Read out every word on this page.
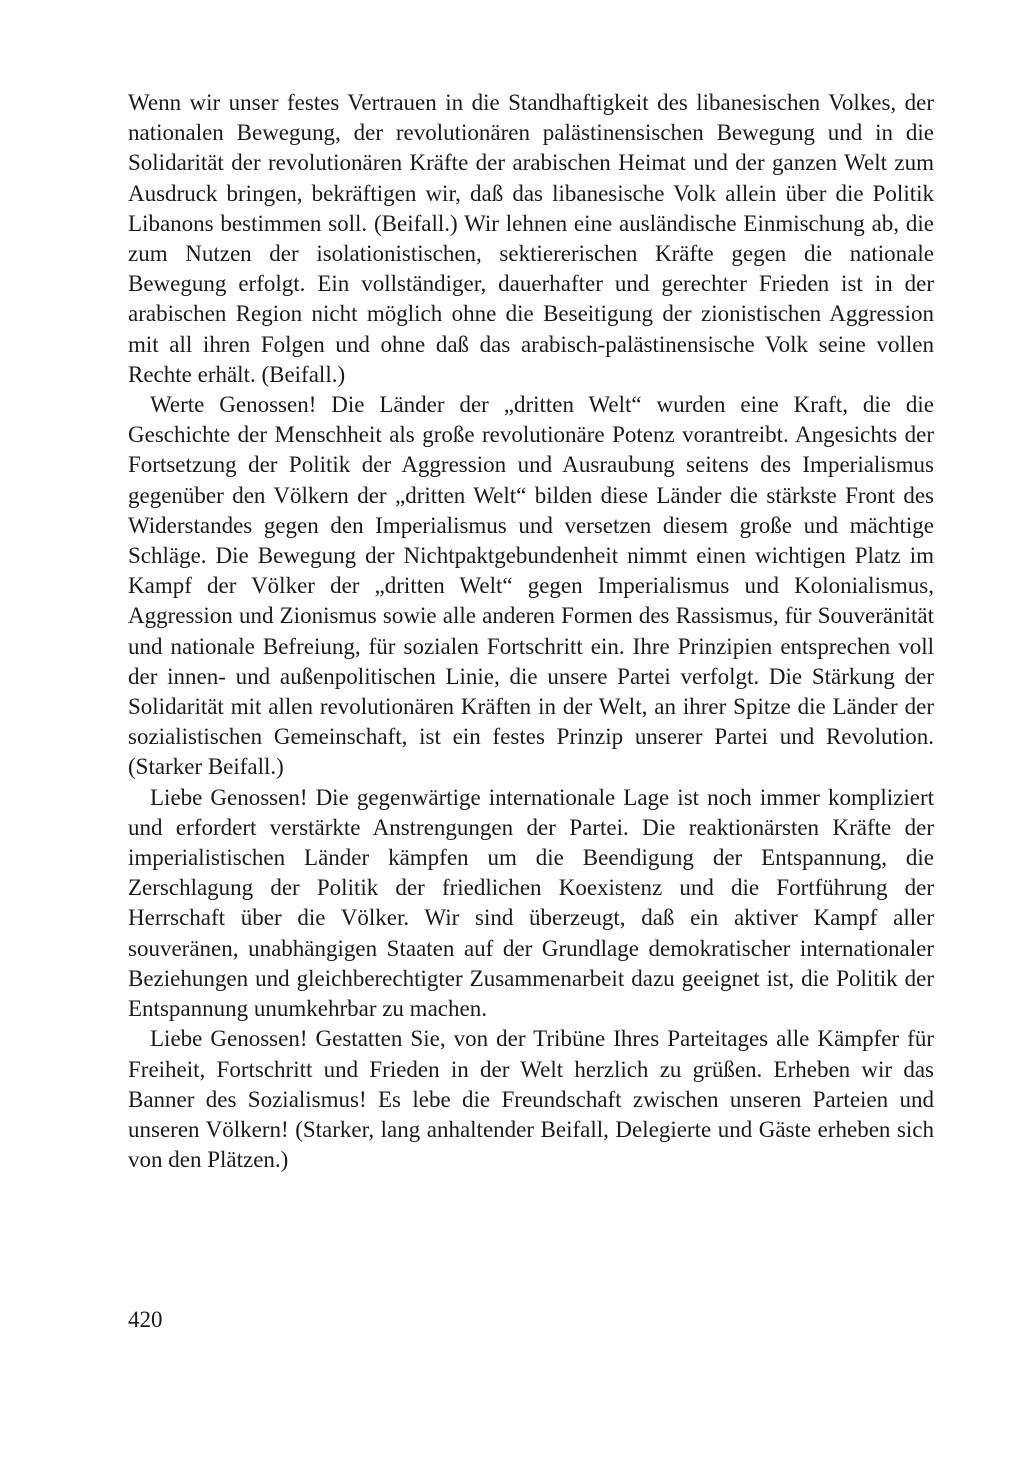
Wenn wir unser festes Vertrauen in die Standhaftigkeit des libanesischen Volkes, der nationalen Bewegung, der revolutionären palästinensischen Bewegung und in die Solidarität der revolutionären Kräfte der arabischen Heimat und der ganzen Welt zum Ausdruck bringen, bekräftigen wir, daß das libanesische Volk allein über die Politik Libanons bestimmen soll. (Beifall.) Wir lehnen eine ausländische Einmischung ab, die zum Nutzen der isolationistischen, sektiererischen Kräfte gegen die nationale Bewegung erfolgt. Ein vollständiger, dauerhafter und gerechter Frieden ist in der arabischen Region nicht möglich ohne die Beseitigung der zionistischen Aggression mit all ihren Folgen und ohne daß das arabisch-palästinensische Volk seine vollen Rechte erhält. (Beifall.)

Werte Genossen! Die Länder der „dritten Welt“ wurden eine Kraft, die die Geschichte der Menschheit als große revolutionäre Potenz vorantreibt. Angesichts der Fortsetzung der Politik der Aggression und Ausraubung seitens des Imperialismus gegenüber den Völkern der „dritten Welt“ bilden diese Länder die stärkste Front des Widerstandes gegen den Imperialismus und versetzen diesem große und mächtige Schläge. Die Bewegung der Nichtpaktgebundenheit nimmt einen wichtigen Platz im Kampf der Völker der „dritten Welt“ gegen Imperialismus und Kolonialismus, Aggression und Zionismus sowie alle anderen Formen des Rassismus, für Souveränität und nationale Befreiung, für sozialen Fortschritt ein. Ihre Prinzipien entsprechen voll der innen- und außenpolitischen Linie, die unsere Partei verfolgt. Die Stärkung der Solidarität mit allen revolutionären Kräften in der Welt, an ihrer Spitze die Länder der sozialistischen Gemeinschaft, ist ein festes Prinzip unserer Partei und Revolution. (Starker Beifall.)

Liebe Genossen! Die gegenwärtige internationale Lage ist noch immer kompliziert und erfordert verstärkte Anstrengungen der Partei. Die reaktionärsten Kräfte der imperialistischen Länder kämpfen um die Beendigung der Entspannung, die Zerschlagung der Politik der friedlichen Koexistenz und die Fortführung der Herrschaft über die Völker. Wir sind überzeugt, daß ein aktiver Kampf aller souveränen, unabhängigen Staaten auf der Grundlage demokratischer internationaler Beziehungen und gleichberechtigter Zusammenarbeit dazu geeignet ist, die Politik der Entspannung unumkehrbar zu machen.

Liebe Genossen! Gestatten Sie, von der Tribüne Ihres Parteitages alle Kämpfer für Freiheit, Fortschritt und Frieden in der Welt herzlich zu grüßen. Erheben wir das Banner des Sozialismus! Es lebe die Freundschaft zwischen unseren Parteien und unseren Völkern! (Starker, lang anhaltender Beifall, Delegierte und Gäste erheben sich von den Plätzen.)

420
